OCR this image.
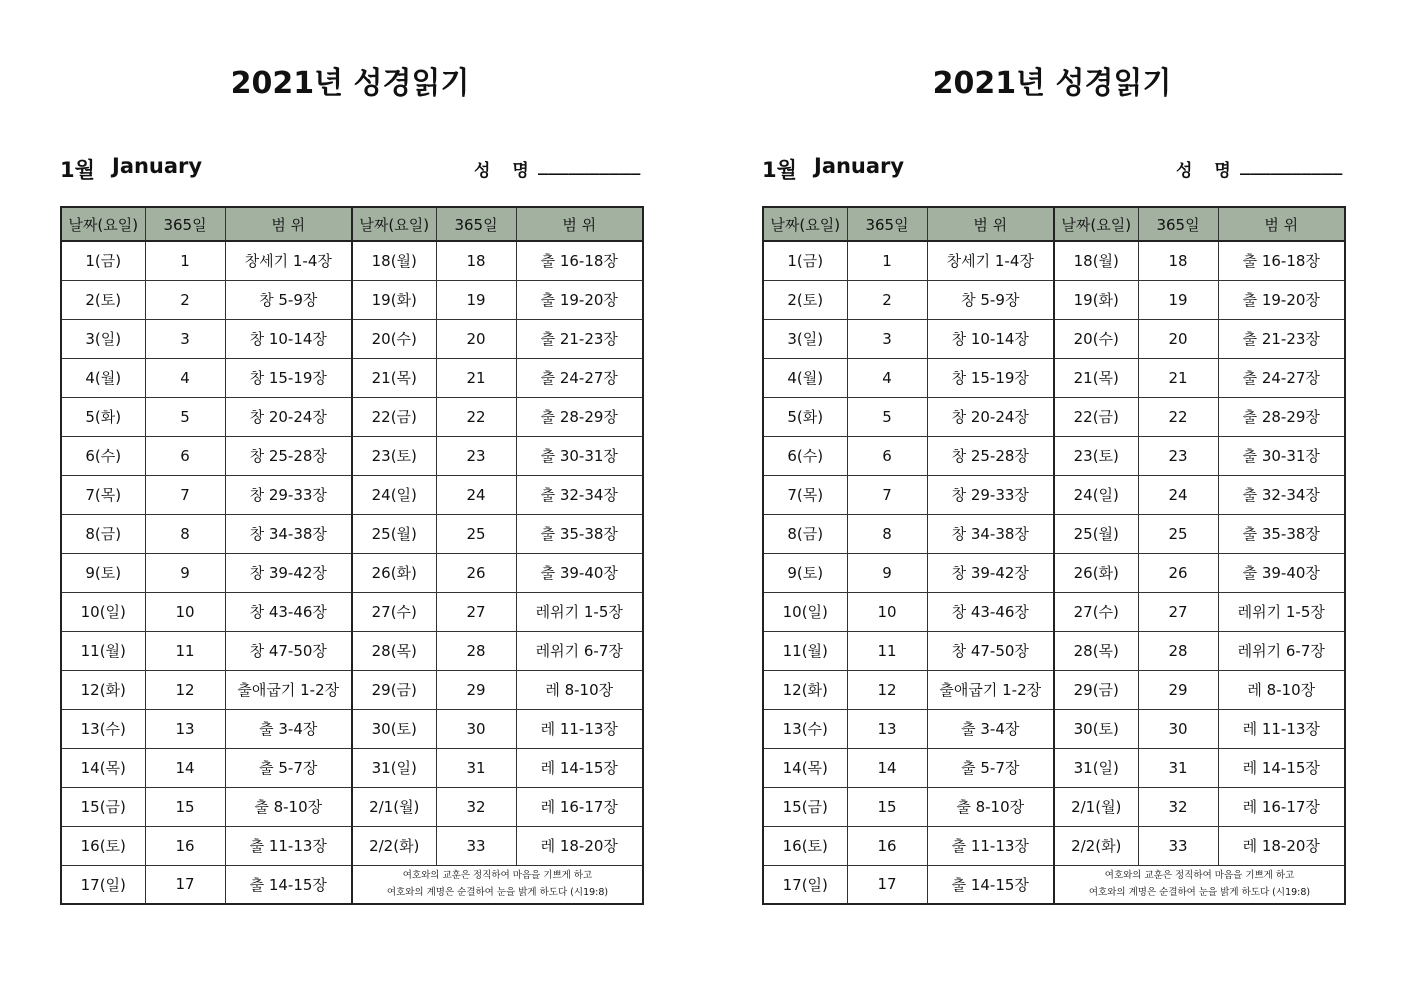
2021년 성경읽기
1월 January	성 명 __________
날짜(요일)	365일	범 위	날짜(요일)	365일	범 위
1(금)	1	창세기 1-4장	18(월)	18	출 16-18장
2(토)	2	창 5-9장	19(화)	19	출 19-20장
3(일)	3	창 10-14장	20(수)	20	출 21-23장
4(월)	4	창 15-19장	21(목)	21	출 24-27장
5(화)	5	창 20-24장	22(금)	22	출 28-29장
6(수)	6	창 25-28장	23(토)	23	출 30-31장
7(목)	7	창 29-33장	24(일)	24	출 32-34장
8(금)	8	창 34-38장	25(월)	25	출 35-38장
9(토)	9	창 39-42장	26(화)	26	출 39-40장
10(일)	10	창 43-46장	27(수)	27	레위기 1-5장
11(월)	11	창 47-50장	28(목)	28	레위기 6-7장
12(화)	12	출애굽기 1-2장	29(금)	29	레 8-10장
13(수)	13	출 3-4장	30(토)	30	레 11-13장
14(목)	14	출 5-7장	31(일)	31	레 14-15장
15(금)	15	출 8-10장	2/1(월)	32	레 16-17장
16(토)	16	출 11-13장	2/2(화)	33	레 18-20장
17(일)	17	출 14-15장	여호와의 교훈은 정직하여 마음을 기쁘게 하고
여호와의 계명은 순결하여 눈을 밝게 하도다 (시19:8)		
2021년 성경읽기
1월 January	성 명 __________
날짜(요일)	365일	범 위	날짜(요일)	365일	범 위
1(금)	1	창세기 1-4장	18(월)	18	출 16-18장
2(토)	2	창 5-9장	19(화)	19	출 19-20장
3(일)	3	창 10-14장	20(수)	20	출 21-23장
4(월)	4	창 15-19장	21(목)	21	출 24-27장
5(화)	5	창 20-24장	22(금)	22	출 28-29장
6(수)	6	창 25-28장	23(토)	23	출 30-31장
7(목)	7	창 29-33장	24(일)	24	출 32-34장
8(금)	8	창 34-38장	25(월)	25	출 35-38장
9(토)	9	창 39-42장	26(화)	26	출 39-40장
10(일)	10	창 43-46장	27(수)	27	레위기 1-5장
11(월)	11	창 47-50장	28(목)	28	레위기 6-7장
12(화)	12	출애굽기 1-2장	29(금)	29	레 8-10장
13(수)	13	출 3-4장	30(토)	30	레 11-13장
14(목)	14	출 5-7장	31(일)	31	레 14-15장
15(금)	15	출 8-10장	2/1(월)	32	레 16-17장
16(토)	16	출 11-13장	2/2(화)	33	레 18-20장
17(일)	17	출 14-15장	여호와의 교훈은 정직하여 마음을 기쁘게 하고
여호와의 계명은 순결하여 눈을 밝게 하도다 (시19:8)		
